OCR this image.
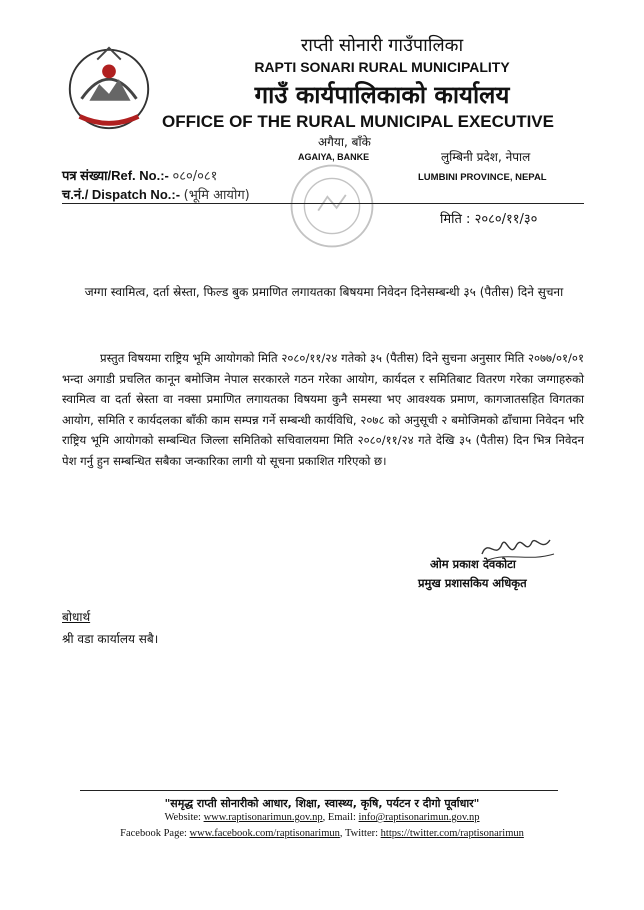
राप्ती सोनारी गाउँपालिका
RAPTI SONARI RURAL MUNICIPALITY
गाउँ कार्यपालिकाको कार्यालय
OFFICE OF THE RURAL MUNICIPAL EXECUTIVE
अगैया, बाँके
AGAIYA, BANKE	लुम्बिनी प्रदेश, नेपाल
LUMBINI PROVINCE, NEPAL
पत्र संख्या/Ref. No.:- ०८०/०८१
च.नं./ Dispatch No.:- (भूमि आयोग)
मिति : २०८०/११/३०
जग्गा स्वामित्व, दर्ता स्रेस्ता, फिल्ड बुक प्रमाणित लगायतका बिषयमा निवेदन दिनेसम्बन्धी ३५ (पैतीस) दिने सुचना
प्रस्तुत विषयमा राष्ट्रिय भूमि आयोगको मिति २०८०/११/२४ गतेको ३५ (पैतीस) दिने सुचना अनुसार मिति २०७७/०१/०१ भन्दा अगाडी प्रचलित कानून बमोजिम नेपाल सरकारले गठन गरेका आयोग, कार्यदल र समितिबाट वितरण गरेका जग्गाहरुको स्वामित्व वा दर्ता स्रेस्ता वा नक्सा प्रमाणित लगायतका विषयमा कुनै समस्या भए आवश्यक प्रमाण, कागजातसहित विगतका आयोग, समिति र कार्यदलका बाँकी काम सम्पन्न गर्ने सम्बन्धी कार्यविधि, २०७८ को अनुसूची २ बमोजिमको ढाँचामा निवेदन भरि राष्ट्रिय भूमि आयोगको सम्बन्धित जिल्ला समितिको सचिवालयमा मिति २०८०/११/२४ गते देखि ३५ (पैतीस) दिन भित्र निवेदन पेश गर्नु हुन सम्बन्धित सबैका जन्कारिका लागी यो सूचना प्रकाशित गरिएको छ।
ओम प्रकाश देवकोटा
प्रमुख प्रशासकिय अधिकृत
बोधार्थ
श्री वडा कार्यालय सबै।
"समृद्ध राप्ती सोनारीको आधार, शिक्षा, स्वास्थ्य, कृषि, पर्यटन र दीगो पूर्वाधार"
Website: www.raptisonarimun.gov.np, Email: info@raptisonarimun.gov.np
Facebook Page: www.facebook.com/raptisonarimun, Twitter: https://twitter.com/raptisonarimun
